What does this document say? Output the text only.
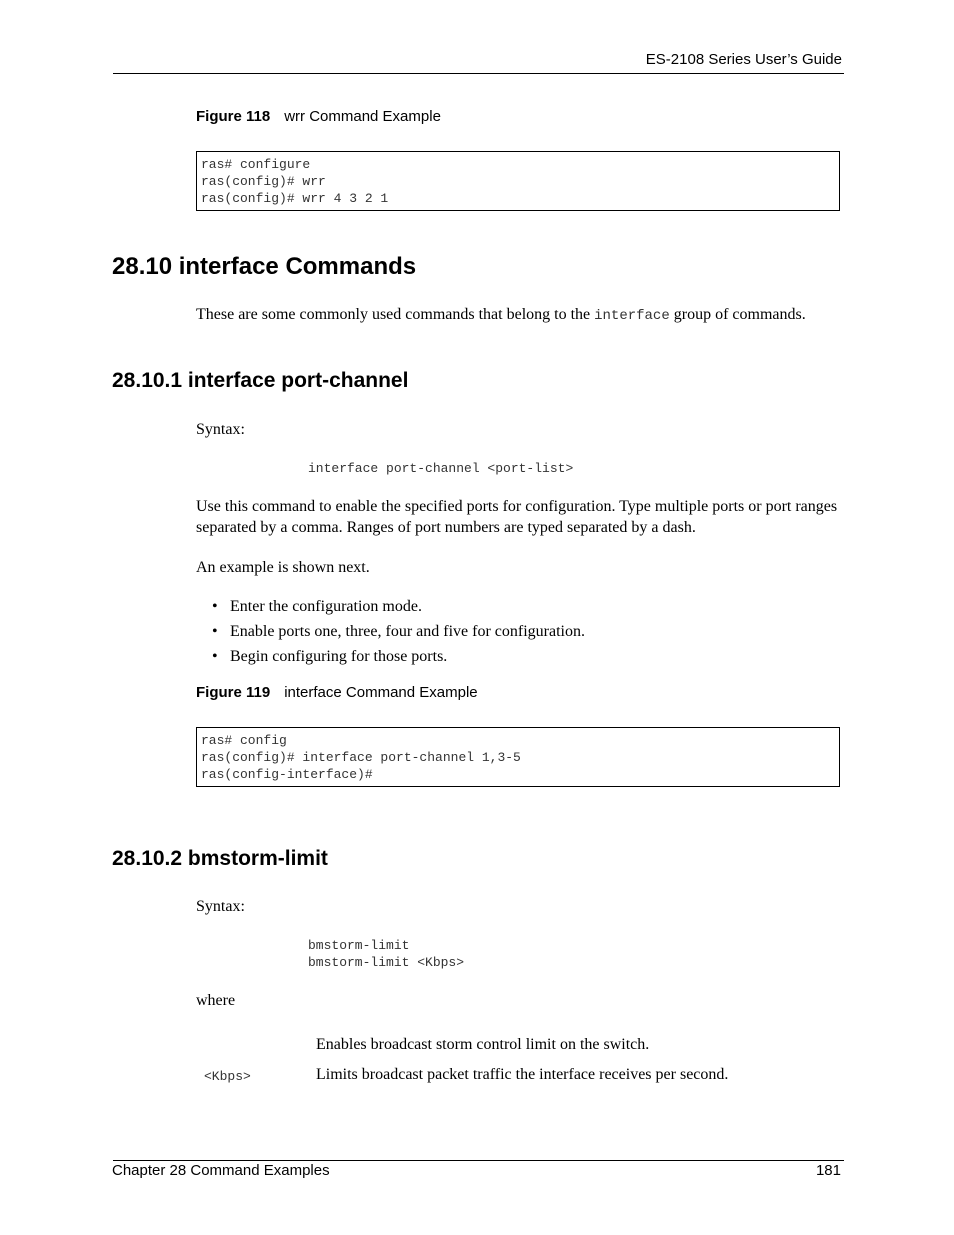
ES-2108 Series User’s Guide
Figure 118 wrr Command Example
ras# configure
ras(config)# wrr
ras(config)# wrr 4 3 2 1
28.10 interface Commands
These are some commonly used commands that belong to the interface group of commands.
28.10.1 interface port-channel
Syntax:
interface port-channel <port-list>
Use this command to enable the specified ports for configuration. Type multiple ports or port ranges separated by a comma. Ranges of port numbers are typed separated by a dash.
An example is shown next.
• Enter the configuration mode.
• Enable ports one, three, four and five for configuration.
• Begin configuring for those ports.
Figure 119 interface Command Example
ras# config
ras(config)# interface port-channel 1,3-5
ras(config-interface)#
28.10.2 bmstorm-limit
Syntax:
bmstorm-limit
bmstorm-limit <Kbps>
where
Enables broadcast storm control limit on the switch.
<Kbps>	Limits broadcast packet traffic the interface receives per second.
Chapter 28 Command Examples	181
